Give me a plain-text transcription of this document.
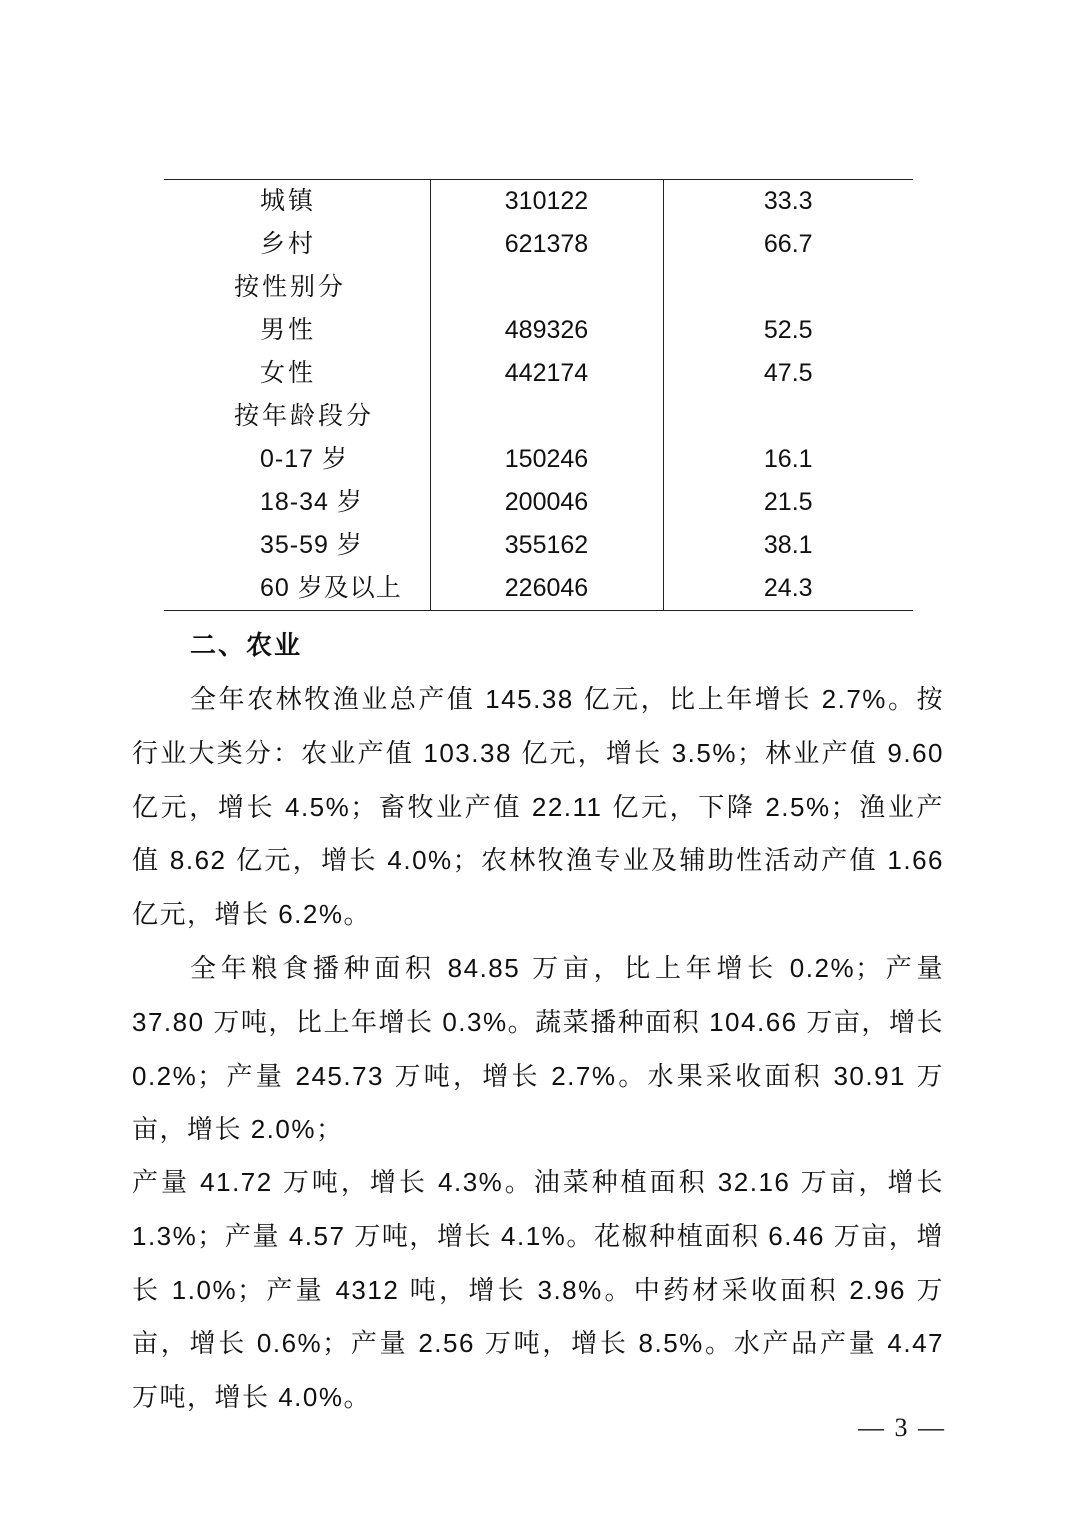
城镇	310122	33.3
乡村	621378	66.7
按性别分		
男性	489326	52.5
女性	442174	47.5
按年龄段分		
0-17 岁	150246	16.1
18-34 岁	200046	21.5
35-59 岁	355162	38.1
60 岁及以上	226046	24.3
二、农业

全年农林牧渔业总产值 145.38 亿元，比上年增长 2.7%。按行业大类分：农业产值 103.38 亿元，增长 3.5%；林业产值 9.60 亿元，增长 4.5%；畜牧业产值 22.11 亿元，下降 2.5%；渔业产值 8.62 亿元，增长 4.0%；农林牧渔专业及辅助性活动产值 1.66 亿元，增长 6.2%。

全年粮食播种面积 84.85 万亩，比上年增长 0.2%；产量 37.80 万吨，比上年增长 0.3%。蔬菜播种面积 104.66 万亩，增长 0.2%；产量 245.73 万吨，增长 2.7%。水果采收面积 30.91 万亩，增长 2.0%；

产量 41.72 万吨，增长 4.3%。油菜种植面积 32.16 万亩，增长 1.3%；产量 4.57 万吨，增长 4.1%。花椒种植面积 6.46 万亩，增长 1.0%；产量 4312 吨，增长 3.8%。中药材采收面积 2.96 万亩，增长 0.6%；产量 2.56 万吨，增长 8.5%。水产品产量 4.47 万吨，增长 4.0%。

— 3 —
